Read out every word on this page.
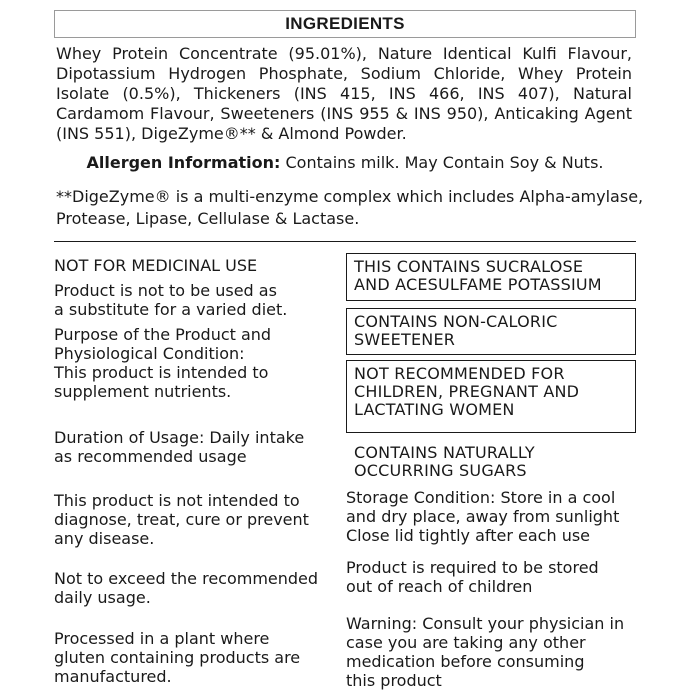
INGREDIENTS

Whey Protein Concentrate (95.01%), Nature Identical Kulfi Flavour, Dipotassium Hydrogen Phosphate, Sodium Chloride, Whey Protein Isolate (0.5%), Thickeners (INS 415, INS 466, INS 407), Natural Cardamom Flavour, Sweeteners (INS 955 & INS 950), Anticaking Agent (INS 551), DigeZyme®** & Almond Powder.

Allergen Information: Contains milk. May Contain Soy & Nuts.

**DigeZyme® is a multi-enzyme complex which includes Alpha-amylase, Protease, Lipase, Cellulase & Lactase.

NOT FOR MEDICINAL USE

Product is not to be used as
a substitute for a varied diet.
Purpose of the Product and
Physiological Condition:
This product is intended to
supplement nutrients.
Duration of Usage: Daily intake
as recommended usage
This product is not intended to
diagnose, treat, cure or prevent
any disease.
Not to exceed the recommended
daily usage.
Processed in a plant where
gluten containing products are
manufactured.
THIS CONTAINS SUCRALOSE
AND ACESULFAME POTASSIUM
CONTAINS NON-CALORIC
SWEETENER
NOT RECOMMENDED FOR
CHILDREN, PREGNANT AND
LACTATING WOMEN
CONTAINS NATURALLY
OCCURRING SUGARS
Storage Condition: Store in a cool
and dry place, away from sunlight
Close lid tightly after each use
Product is required to be stored
out of reach of children
Warning: Consult your physician in
case you are taking any other
medication before consuming
this product
